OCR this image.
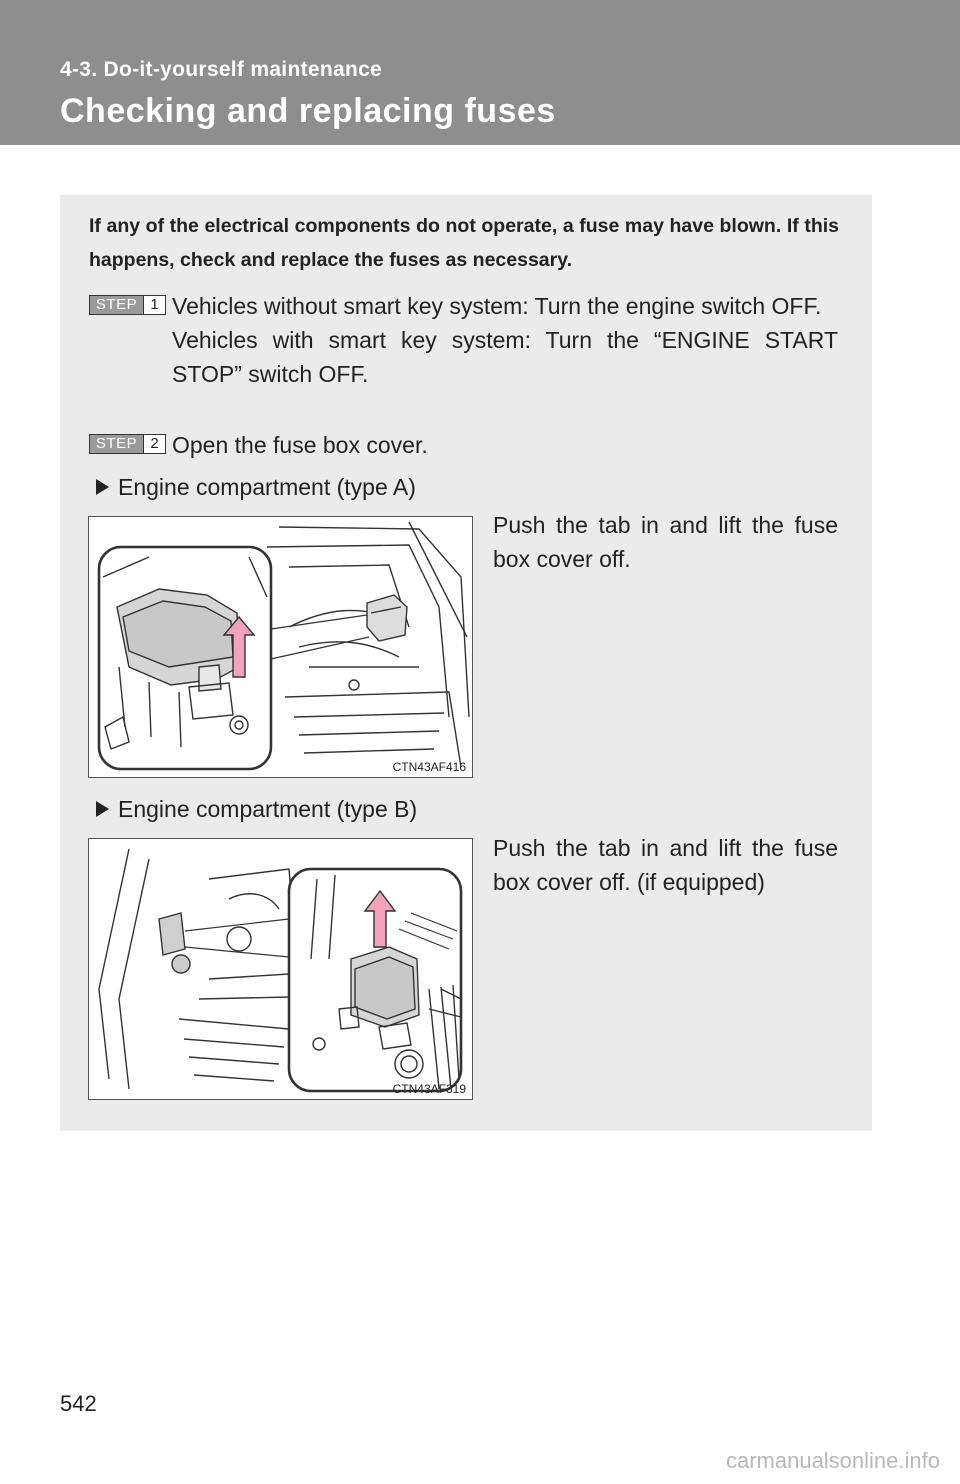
4-3. Do-it-yourself maintenance
Checking and replacing fuses
If any of the electrical components do not operate, a fuse may have blown. If this happens, check and replace the fuses as necessary.
STEP 1 Vehicles without smart key system: Turn the engine switch OFF.

Vehicles with smart key system: Turn the “ENGINE START STOP” switch OFF.

STEP 2 Open the fuse box cover.

Engine compartment (type A)
CTN43AF416
Push the tab in and lift the fuse box cover off.
Engine compartment (type B)
CTN43AF319
Push the tab in and lift the fuse box cover off. (if equipped)
542
carmanualsonline.info
